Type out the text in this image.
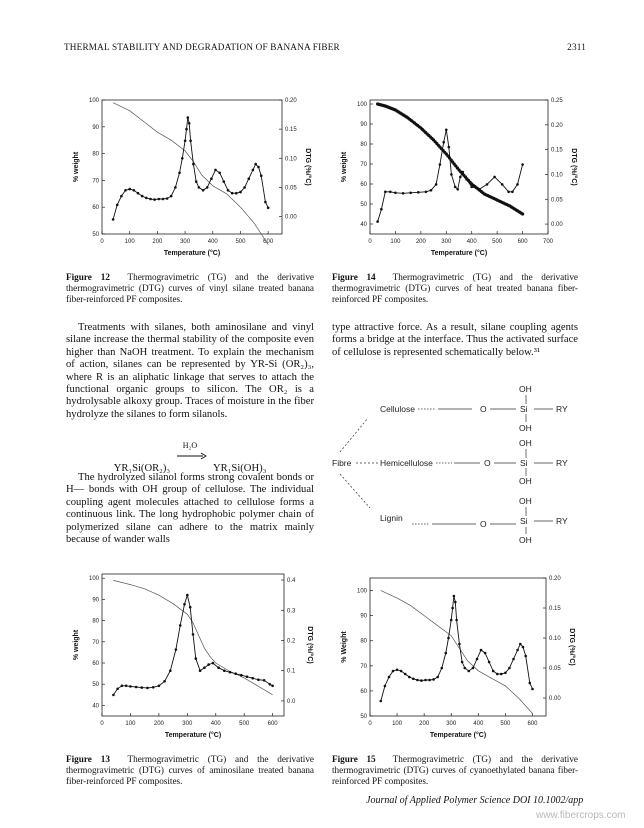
THERMAL STABILITY AND DEGRADATION OF BANANA FIBER	2311
0	100	200	300	400	500	600
50
60
70
80
90
100
0.00
0.05
0.10
0.15
0.20
Temperature (°C)
% weight	DTG (%/°C)
Figure 12 Thermogravimetric (TG) and the derivative thermogravimetric (DTG) curves of vinyl silane treated banana fiber-reinforced PF composites.
0	100	200	300	400	500	600	700
40
50
60
70
80
90
100
0.00
0.05
0.10
0.15
0.20
0.25
Temperature (°C)
% weight	DTG (%/°C)
Figure 14 Thermogravimetric (TG) and the derivative thermogravimetric (DTG) curves of heat treated banana fiber-reinforced PF composites.

Treatments with silanes, both aminosilane and vinyl silane increase the thermal stability of the composite even higher than NaOH treatment. To explain the mechanism of action, silanes can be represented by YR-Si (OR₂)₃, where R is an aliphatic linkage that serves to attach the functional organic groups to silicon. The OR₂ is a hydrolysable alkoxy group. Traces of moisture in the fiber hydrolyze the silanes to form silanols.

YR₁Si(OR₂)₃
H₂O
YR₁Si(OH)₃

The hydrolyzed silanol forms strong covalent bonds or H— bonds with OH group of cellulose. The individual coupling agent molecules attached to cellulose forms a continuous link. The long hydrophobic polymer chain of polymerized silane can adhere to the matrix mainly because of wander walls

type attractive force. As a result, silane coupling agents forms a bridge at the interface. Thus the activated surface of cellulose is represented schematically below.³¹

Fibre
OH
Cellulose	O	Si	RY
OH
OH
Hemicellulose	O	Si	RY
OH
OH
Lignin
O	Si	RY
OH
0	100	200	300	400	500	600
40
50
60
70
80
90
100
0.0
0.1
0.2
0.3
0.4
Temperature (°C)
% weight	DTG (%/°C)
Figure 13 Thermogravimetric (TG) and the derivative thermogravimetric (DTG) curves of aminosilane treated banana fiber-reinforced PF composites.
0	100	200	300	400	500	600
50
60
70
80
90
100
0.00
0.05
0.10
0.15
0.20
Temperature (°C)
% Weight	DTG (%/°C)
Figure 15 Thermogravimetric (TG) and the derivative thermogravimetric (DTG) curves of cyanoethylated banana fiber-reinforced PF composites.
Journal of Applied Polymer Science DOI 10.1002/app
www.fibercrops.com
